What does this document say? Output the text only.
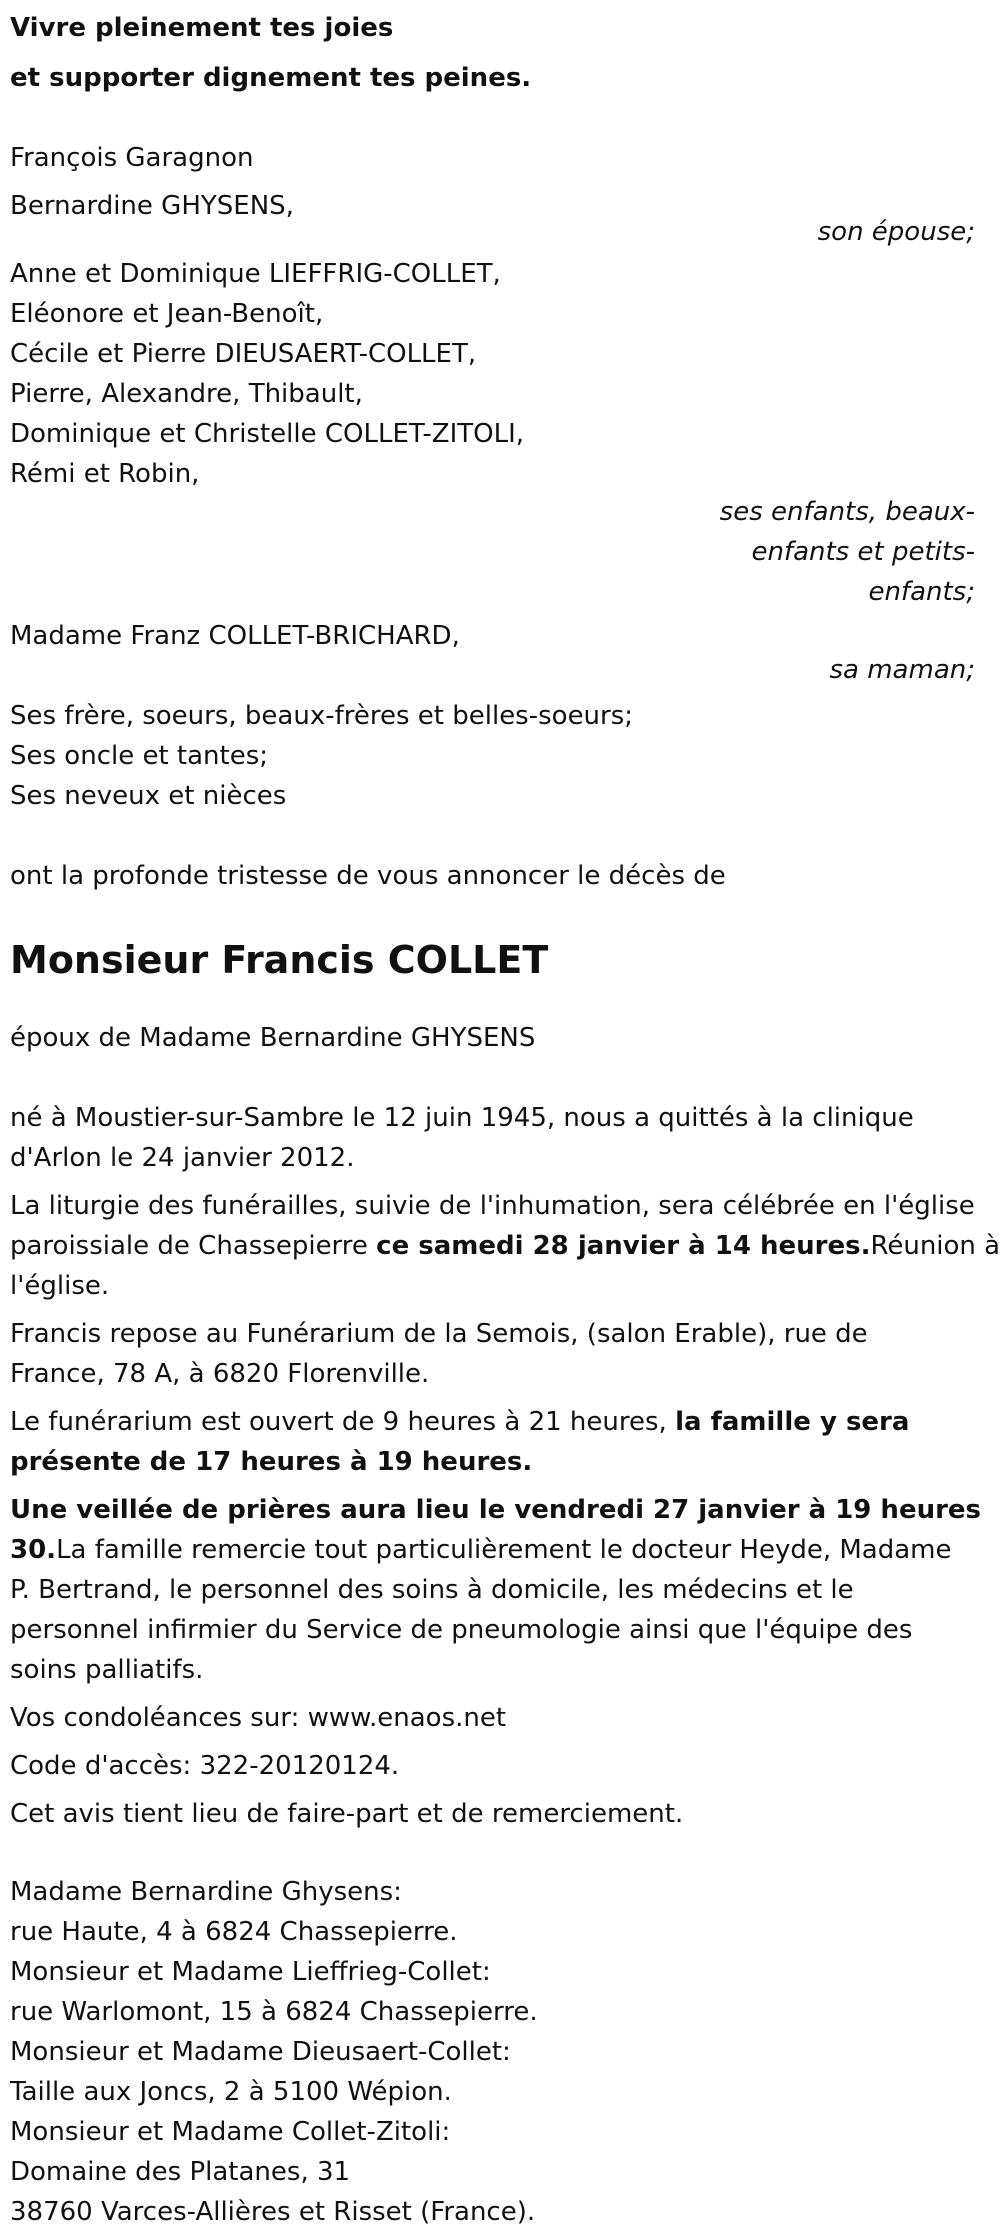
Vivre pleinement tes joies
et supporter dignement tes peines.
François Garagnon
Bernardine GHYSENS,
son épouse;
Anne et Dominique LIEFFRIG-COLLET,
Eléonore et Jean-Benoît,
Cécile et Pierre DIEUSAERT-COLLET,
Pierre, Alexandre, Thibault,
Dominique et Christelle COLLET-ZITOLI,
Rémi et Robin,
ses enfants, beaux-
enfants et petits-
enfants;
Madame Franz COLLET-BRICHARD,
sa maman;
Ses frère, soeurs, beaux-frères et belles-soeurs;
Ses oncle et tantes;
Ses neveux et nièces
ont la profonde tristesse de vous annoncer le décès de
Monsieur Francis COLLET
époux de Madame Bernardine GHYSENS
né à Moustier-sur-Sambre le 12 juin 1945, nous a quittés à la clinique
d'Arlon le 24 janvier 2012.
La liturgie des funérailles, suivie de l'inhumation, sera célébrée en l'église
paroissiale de Chassepierre ce samedi 28 janvier à 14 heures.Réunion à
l'église.
Francis repose au Funérarium de la Semois, (salon Erable), rue de
France, 78 A, à 6820 Florenville.
Le funérarium est ouvert de 9 heures à 21 heures, la famille y sera
présente de 17 heures à 19 heures.
Une veillée de prières aura lieu le vendredi 27 janvier à 19 heures
30.La famille remercie tout particulièrement le docteur Heyde, Madame
P. Bertrand, le personnel des soins à domicile, les médecins et le
personnel infirmier du Service de pneumologie ainsi que l'équipe des
soins palliatifs.
Vos condoléances sur: www.enaos.net
Code d'accès: 322-20120124.
Cet avis tient lieu de faire-part et de remerciement.
Madame Bernardine Ghysens:
rue Haute, 4 à 6824 Chassepierre.
Monsieur et Madame Lieffrieg-Collet:
rue Warlomont, 15 à 6824 Chassepierre.
Monsieur et Madame Dieusaert-Collet:
Taille aux Joncs, 2 à 5100 Wépion.
Monsieur et Madame Collet-Zitoli:
Domaine des Platanes, 31
38760 Varces-Allières et Risset (France).
